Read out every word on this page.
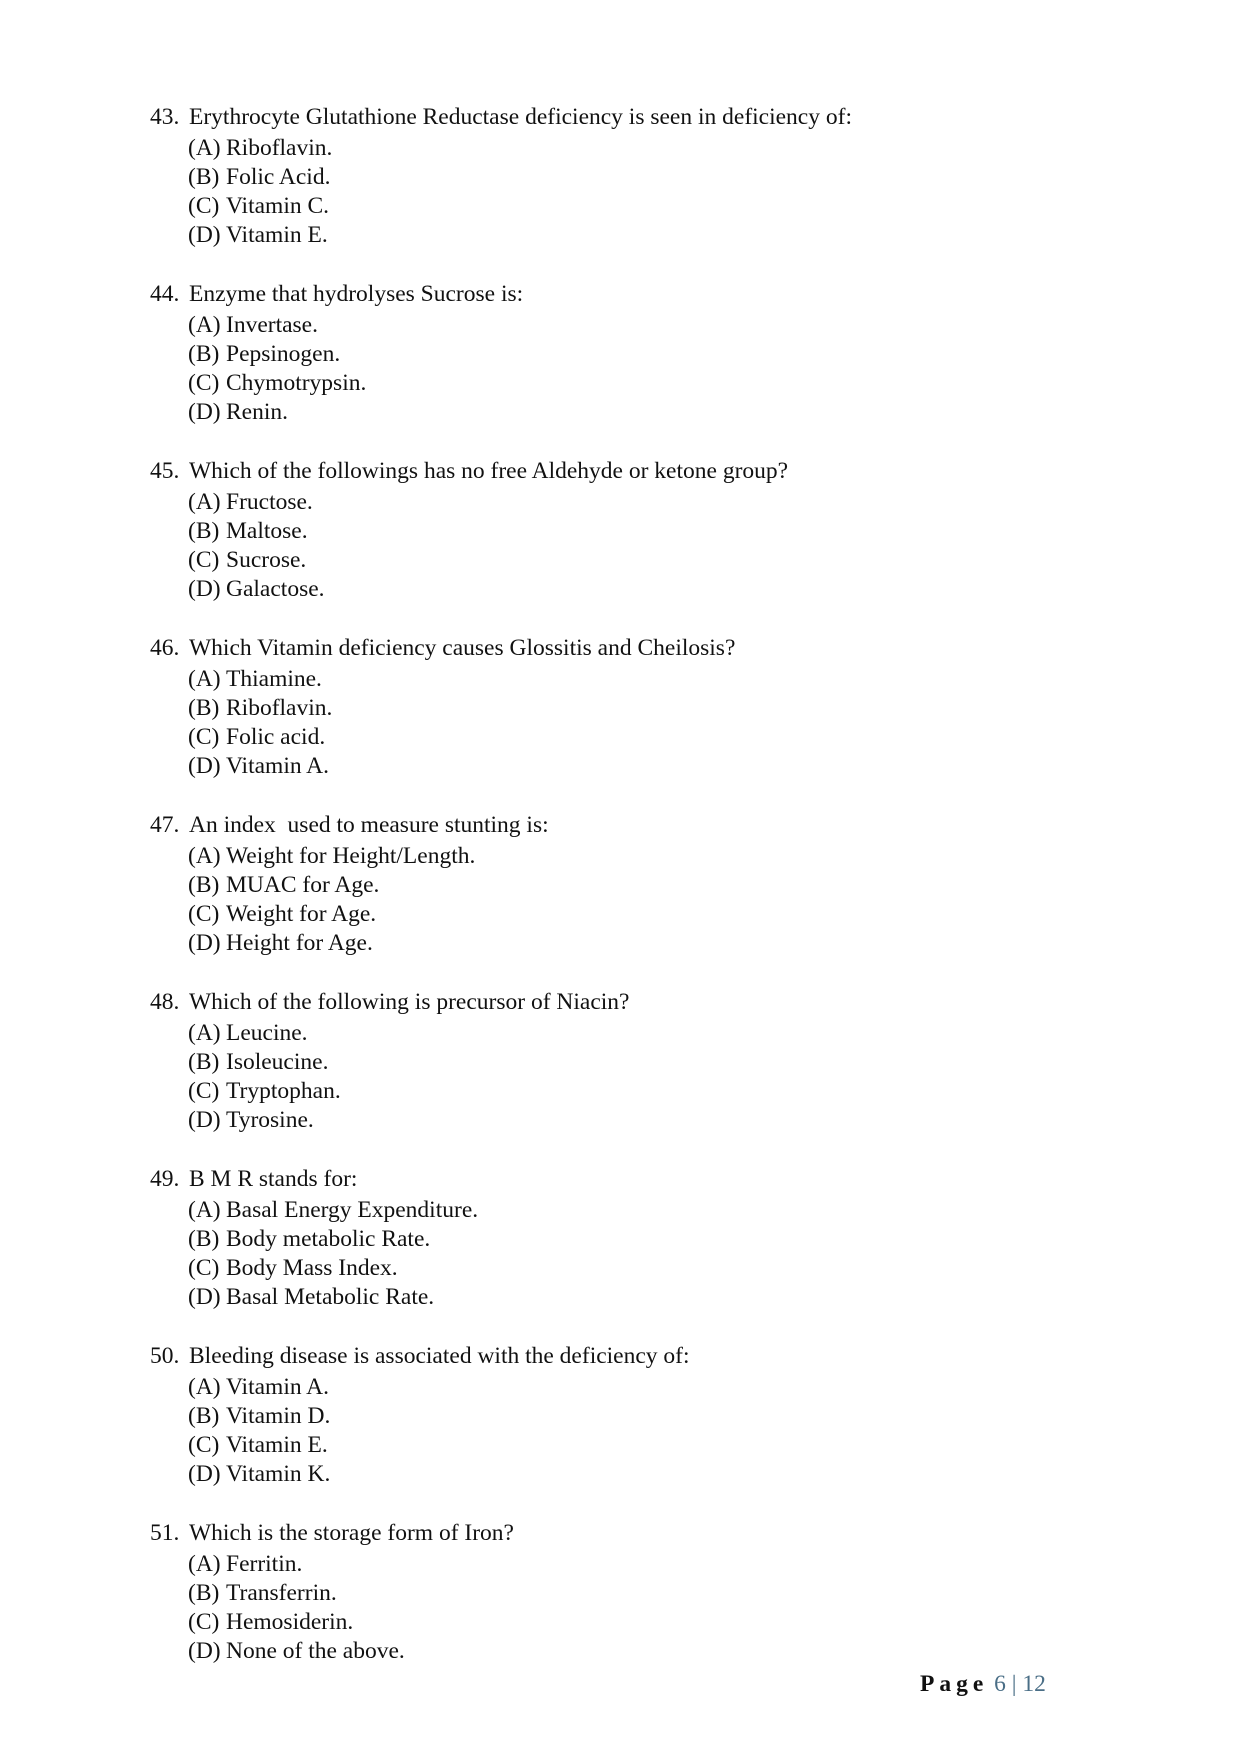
43. Erythrocyte Glutathione Reductase deficiency is seen in deficiency of:
(A) Riboflavin.
(B) Folic Acid.
(C) Vitamin C.
(D) Vitamin E.
44. Enzyme that hydrolyses Sucrose is:
(A) Invertase.
(B) Pepsinogen.
(C) Chymotrypsin.
(D) Renin.
45. Which of the followings has no free Aldehyde or ketone group?
(A) Fructose.
(B) Maltose.
(C) Sucrose.
(D) Galactose.
46. Which Vitamin deficiency causes Glossitis and Cheilosis?
(A) Thiamine.
(B) Riboflavin.
(C) Folic acid.
(D) Vitamin A.
47. An index  used to measure stunting is:
(A) Weight for Height/Length.
(B) MUAC for Age.
(C) Weight for Age.
(D) Height for Age.
48. Which of the following is precursor of Niacin?
(A) Leucine.
(B) Isoleucine.
(C) Tryptophan.
(D) Tyrosine.
49. B M R stands for:
(A) Basal Energy Expenditure.
(B) Body metabolic Rate.
(C) Body Mass Index.
(D) Basal Metabolic Rate.
50. Bleeding disease is associated with the deficiency of:
(A) Vitamin A.
(B) Vitamin D.
(C) Vitamin E.
(D) Vitamin K.
51. Which is the storage form of Iron?
(A) Ferritin.
(B) Transferrin.
(C) Hemosiderin.
(D) None of the above.
Page 6 | 12
